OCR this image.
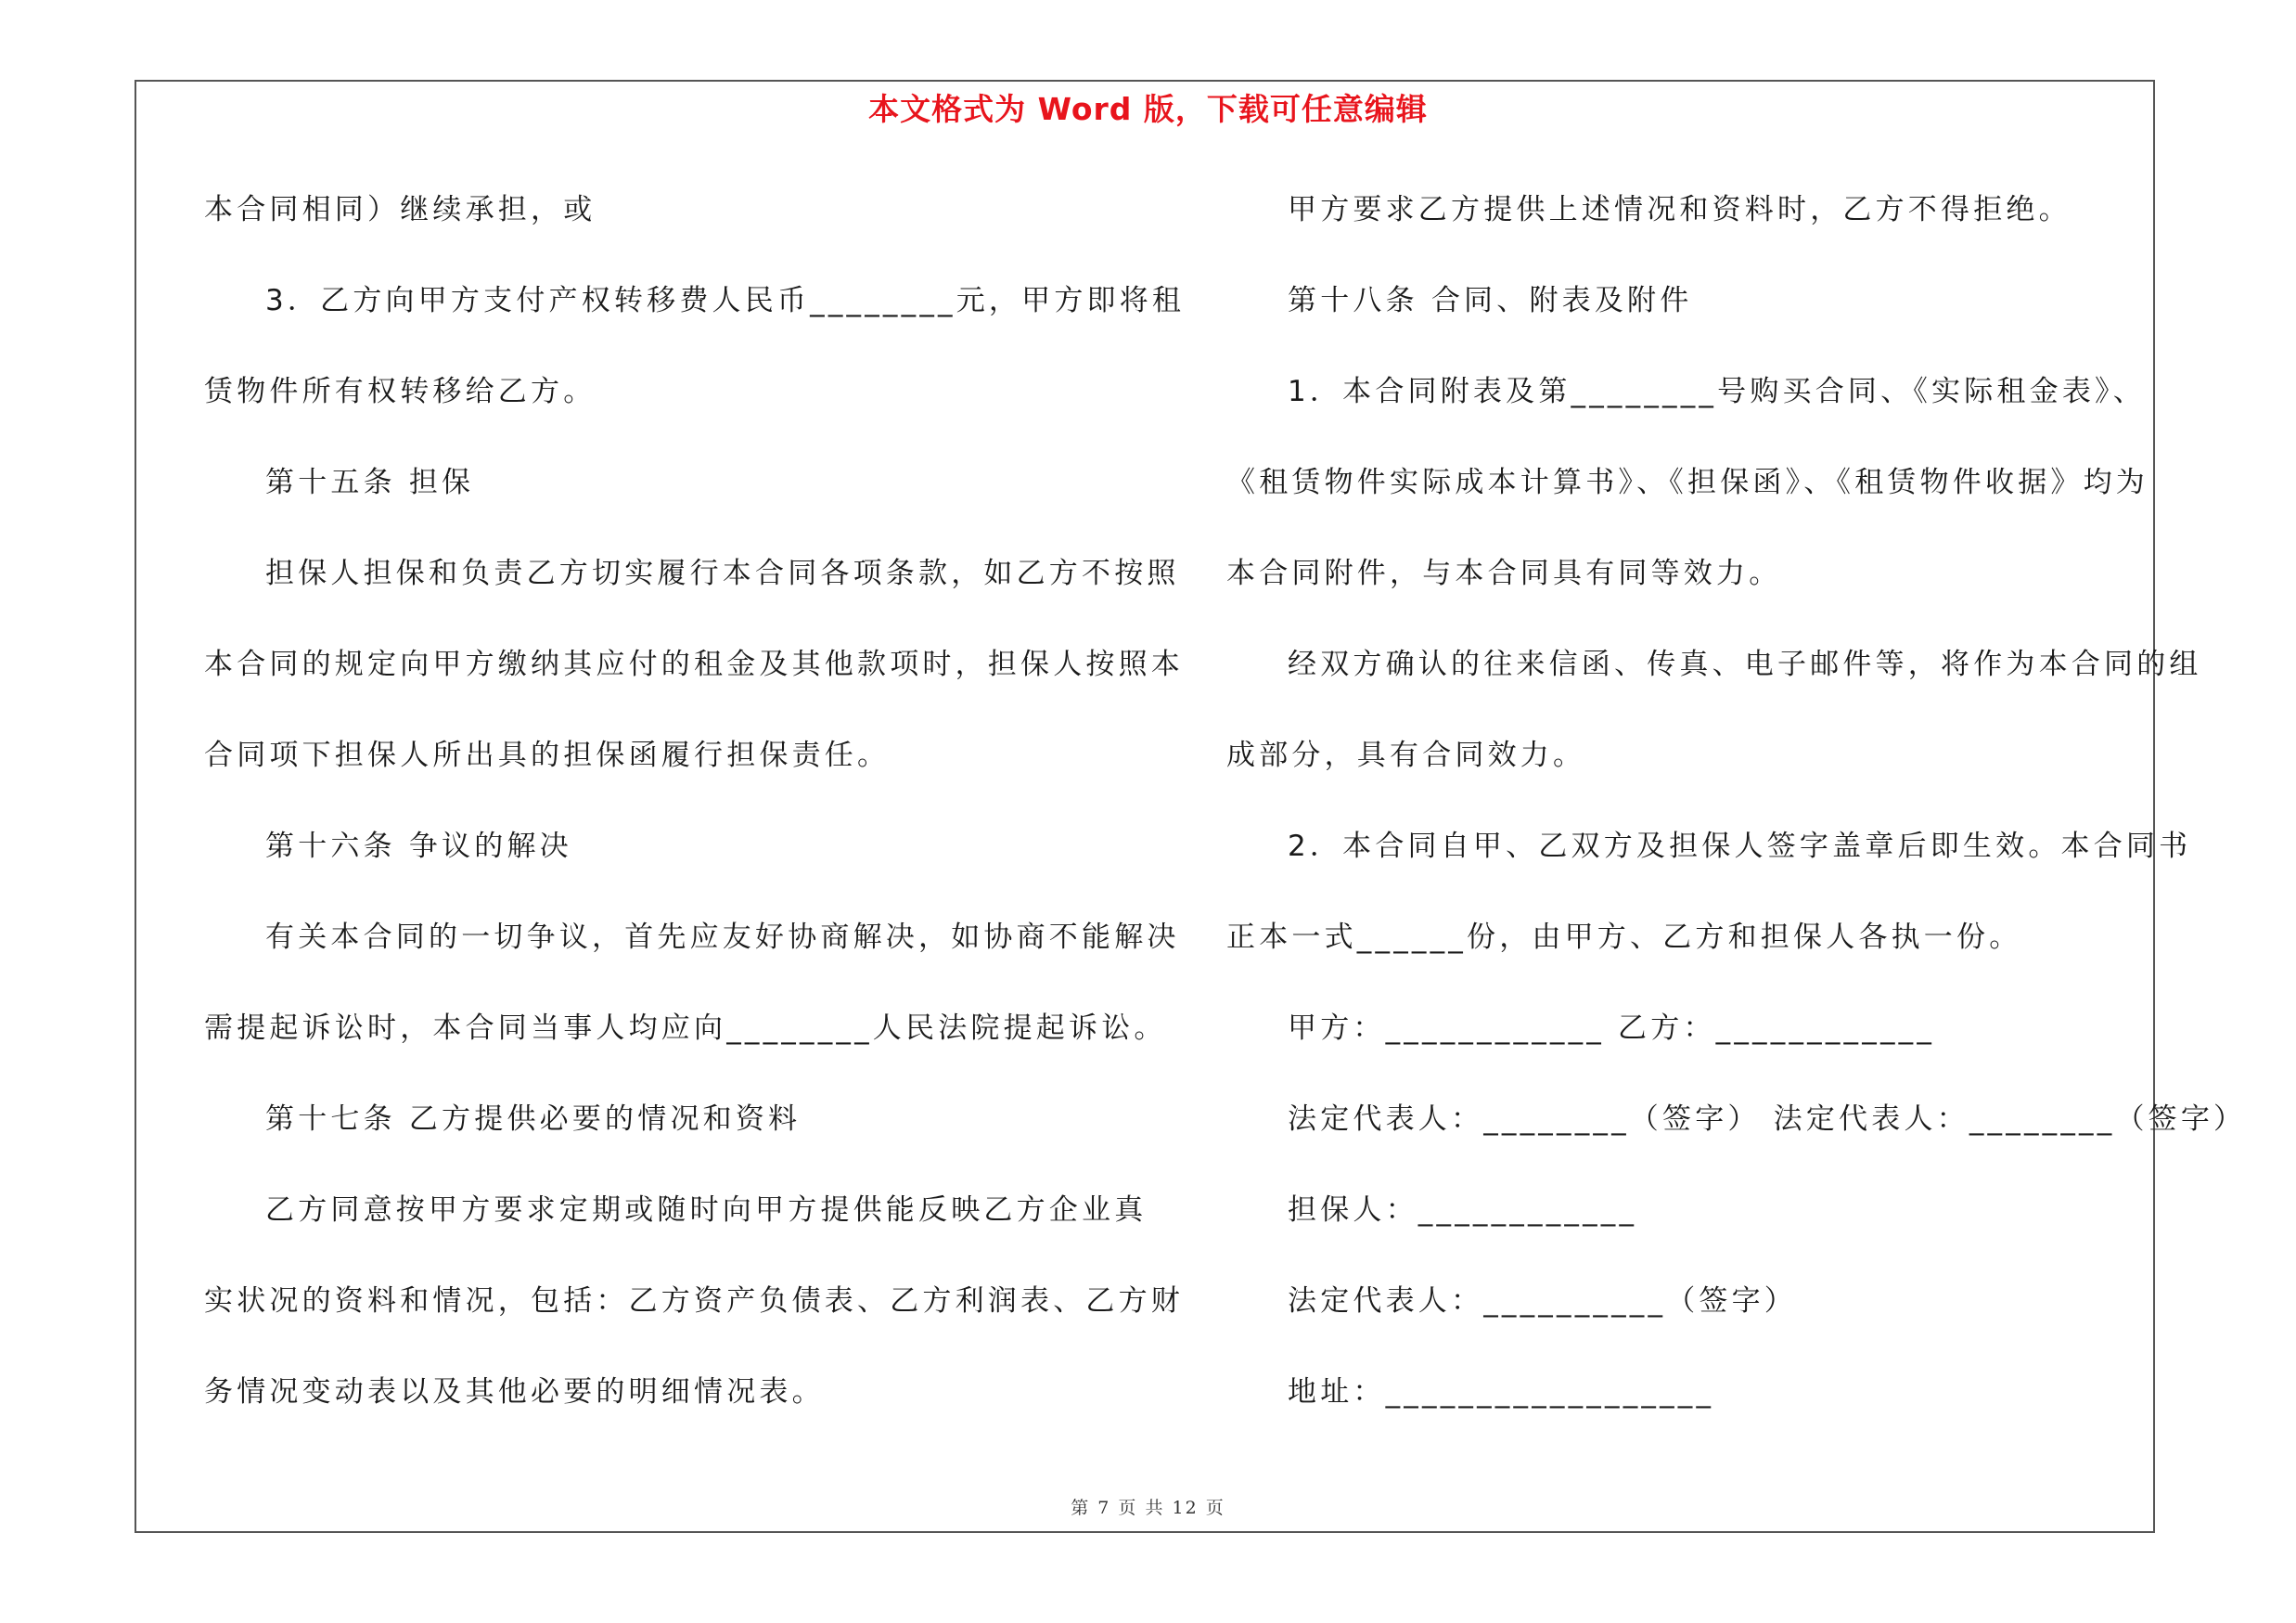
本文格式为 Word 版，下载可任意编辑
本合同相同）继续承担，或
3．乙方向甲方支付产权转移费人民币________元，甲方即将租
赁物件所有权转移给乙方。
第十五条 担保
担保人担保和负责乙方切实履行本合同各项条款，如乙方不按照
本合同的规定向甲方缴纳其应付的租金及其他款项时，担保人按照本
合同项下担保人所出具的担保函履行担保责任。
第十六条 争议的解决
有关本合同的一切争议，首先应友好协商解决，如协商不能解决
需提起诉讼时，本合同当事人均应向________人民法院提起诉讼。
第十七条 乙方提供必要的情况和资料
乙方同意按甲方要求定期或随时向甲方提供能反映乙方企业真
实状况的资料和情况，包括：乙方资产负债表、乙方利润表、乙方财
务情况变动表以及其他必要的明细情况表。
甲方要求乙方提供上述情况和资料时，乙方不得拒绝。
第十八条 合同、附表及附件
1．本合同附表及第________号购买合同、《实际租金表》、
《租赁物件实际成本计算书》、《担保函》、《租赁物件收据》均为
本合同附件，与本合同具有同等效力。
经双方确认的往来信函、传真、电子邮件等，将作为本合同的组
成部分，具有合同效力。
2．本合同自甲、乙双方及担保人签字盖章后即生效。本合同书
正本一式______份，由甲方、乙方和担保人各执一份。
甲方：____________ 乙方：____________
法定代表人：________（签字） 法定代表人：________（签字）
担保人：____________
法定代表人：__________（签字）
地址：__________________
第 7 页 共 12 页
